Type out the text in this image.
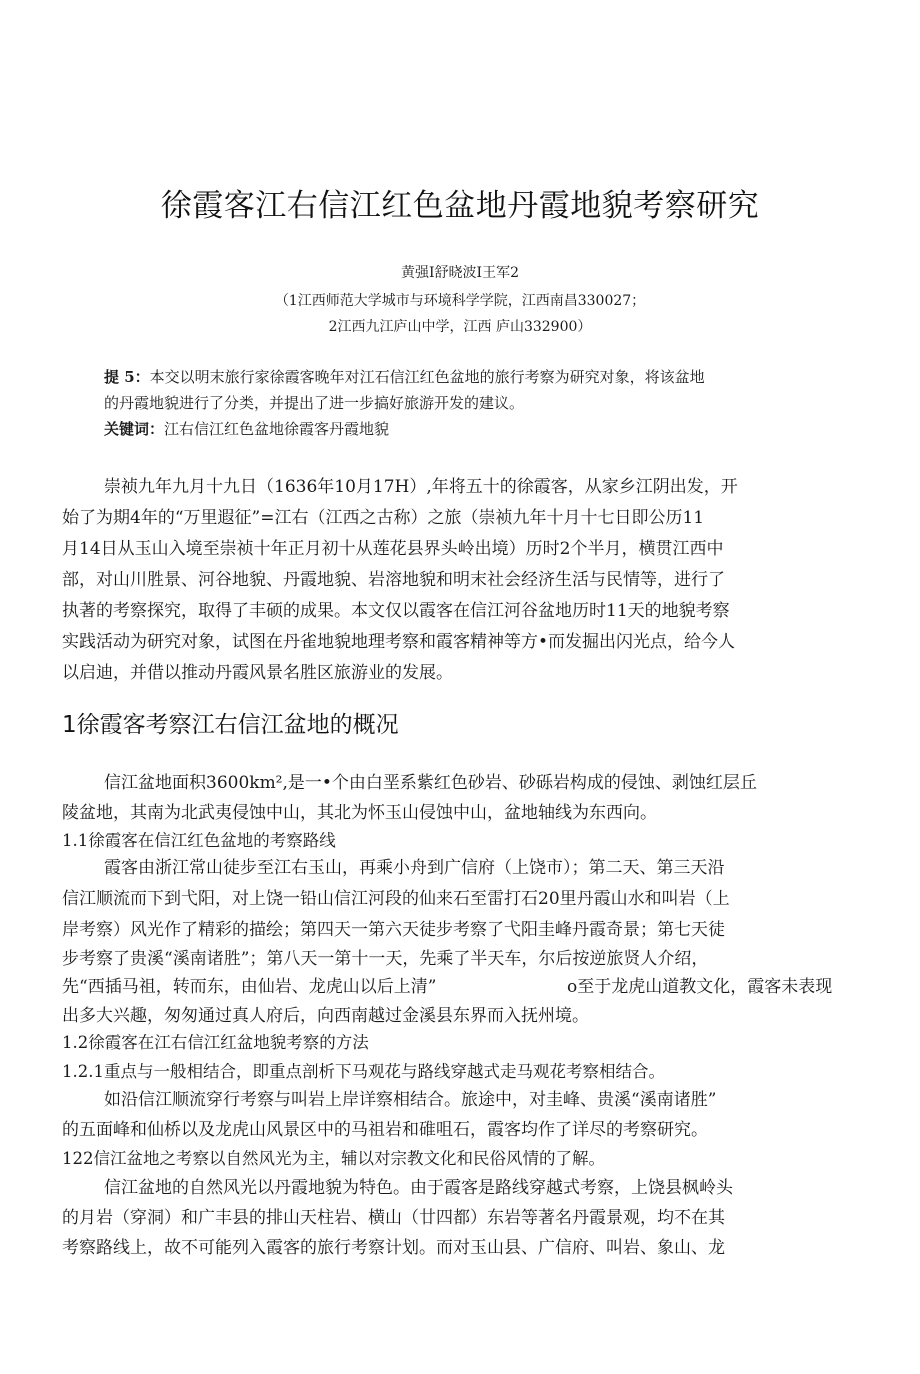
徐霞客江右信江红色盆地丹霞地貌考察研究
黄强I舒晓波I王军2
（1江西师范大学城市与环境科学学院，江西南昌330027；
2江西九江庐山中学，江西 庐山332900）
提 5：本交以明末旅行家徐霞客晚年对江石信江红色盆地的旅行考察为研究对象，将该盆地
的丹霞地貌进行了分类，并提出了进一步搞好旅游开发的建议。
关键词：江右信江红色盆地徐霞客丹霞地貌
崇祯九年九月十九日（1636年10月17H）,年将五十的徐霞客，从家乡江阴出发，开
始了为期4年的“万里遐征”=江右（江西之古称）之旅（崇祯九年十月十七日即公历11
月14日从玉山入境至崇祯十年正月初十从莲花县界头岭出境）历时2个半月，横贯江西中
部，对山川胜景、河谷地貌、丹霞地貌、岩溶地貌和明末社会经济生活与民情等，进行了
执著的考察探究，取得了丰硕的成果。本文仅以霞客在信江河谷盆地历时11天的地貌考察
实践活动为研究对象，试图在丹雀地貌地理考察和霞客精神等方•而发掘出闪光点，给今人
以启迪，并借以推动丹霞风景名胜区旅游业的发展。
1徐霞客考察江右信江盆地的概况
信江盆地面积3600km²,是一•个由白垩系紫红色砂岩、砂砾岩构成的侵蚀、剥蚀红层丘
陵盆地，其南为北武夷侵蚀中山，其北为怀玉山侵蚀中山，盆地轴线为东西向。
1.1徐霞客在信江红色盆地的考察路线
霞客由浙江常山徒步至江右玉山，再乘小舟到广信府（上饶市）；第二天、第三天沿
信江顺流而下到弋阳，对上饶一铅山信江河段的仙来石至雷打石20里丹霞山水和叫岩（上
岸考察）风光作了精彩的描绘；第四天一第六天徒步考察了弋阳圭峰丹霞奇景；第七天徒
步考察了贵溪“溪南诸胜”；第八天一第十一天，先乘了半天车，尔后按逆旅贤人介绍，
先“西插马祖，转而东，由仙岩、龙虎山以后上清”	o至于龙虎山道教文化，霞客未表现
出多大兴趣，匆匆通过真人府后，向西南越过金溪县东界而入抚州境。
1.2徐霞客在江右信江红盆地貌考察的方法
1.2.1重点与一般相结合，即重点剖析下马观花与路线穿越式走马观花考察相结合。
如沿信江顺流穿行考察与叫岩上岸详察相结合。旅途中，对圭峰、贵溪“溪南诸胜”
的五面峰和仙桥以及龙虎山风景区中的马祖岩和碓咀石，霞客均作了详尽的考察研究。
122信江盆地之考察以自然风光为主，辅以对宗教文化和民俗风情的了解。
信江盆地的自然风光以丹霞地貌为特色。由于霞客是路线穿越式考察，上饶县枫岭头
的月岩（穿洞）和广丰县的排山天柱岩、横山（廿四都）东岩等著名丹霞景观，均不在其
考察路线上，故不可能列入霞客的旅行考察计划。而对玉山县、广信府、叫岩、象山、龙
